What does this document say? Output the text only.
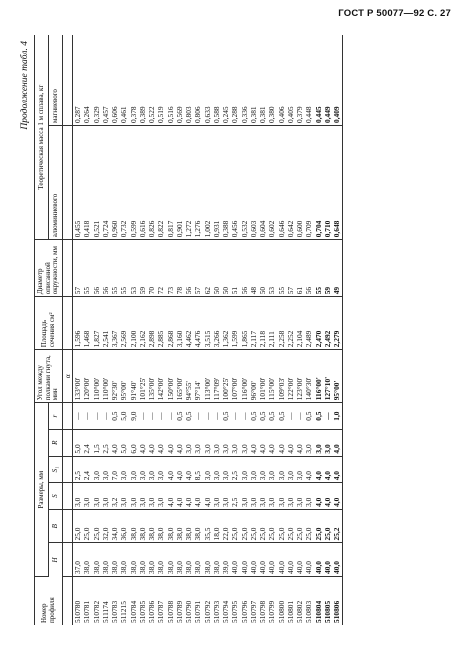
ГОСТ Р 50077—92 С. 27
Продолжение табл. 4
Номер профиля	Размеры, мм						Угол между полками гнута, мин	Площадь сечения см²	Диаметр описанной окружности, мм	Теоретическая масса 1 м сплава, кг	
	H	B	S	S₁	R	r				алюминиевого	магниевого
							α				
510780	37,0	25,0	3,0	2,5	5,0	—	133°00'	1,596	57	0,455	0,287
510781	38,0	25,0	3,0	2,4	2,4	—	120°00'	1,468	55	0,418	0,264
510782	38,0	25,0	3,0	3,0	1,5	—	110°00'	1,827	56	0,521	0,329
511174	38,0	32,0	3,0	3,0	2,5	—	110°00'	2,541	56	0,724	0,457
510783	38,0	34,0	3,2	7,0	4,0	0,5	92°30'	3,367	55	0,960	0,606
511215	38,0	36,0	3,0	3,0	5,0	5,0	95°00'	2,569	55	0,732	0,461
510784	38,0	38,0	3,0	3,0	6,0	9,0	91°40'	2,100	53	0,599	0,378
510785	38,0	38,0	3,0	3,0	4,0	—	101°25'	2,162	59	0,616	0,389
510786	38,0	38,0	3,0	3,0	4,0	—	135°00'	2,898	70	0,826	0,522
510787	38,0	38,0	3,0	3,0	4,0	—	142°00'	2,885	72	0,822	0,519
510788	38,0	38,0	4,0	4,0	4,0	—	150°00'	2,868	73	0,817	0,516
510789	38,0	38,0	4,0	4,0	4,0	0,5	165°00'	3,160	78	0,901	0,569
510790	38,0	38,0	4,0	4,0	3,0	0,5	94°55'	4,462	56	1,272	0,803
510791	38,0	38,0	4,0	8,5	3,0	—	97°14'	4,476	57	1,276	0,806
510792	38,0	35,5	4,0	3,0	3,0	—	113°00'	3,515	62	1,002	0,633
510793	38,0	18,0	3,0	3,0	3,0	—	117°09'	3,266	50	0,931	0,588
510794	39,0	22,0	3,0	3,0	3,0	0,5	100°25'	1,362	50	0,388	0,245
510795	40,0	25,0	2,5	2,5	3,0	—	107°00'	1,599	51	0,456	0,288
510796	40,0	25,0	3,0	3,0	3,0	—	116°00'	1,865	56	0,532	0,336
510797	40,0	25,0	3,0	3,0	4,0	0,5	96°00'	2,117	48	0,603	0,381
510798	40,0	25,0	3,0	3,0	4,0	0,5	101°00'	2,118	50	0,604	0,381
510799	40,0	25,0	3,0	3,0	4,0	0,5	115°00'	2,111	53	0,602	0,380
510800	40,0	25,0	3,0	3,0	4,0	0,5	109°03'	2,258	55	0,646	0,406
510801	40,0	25,0	3,0	3,0	4,0	—	122°00'	2,252	57	0,642	0,405
510802	40,0	25,0	3,0	3,0	4,0	—	123°00'	2,104	61	0,600	0,379
510803	40,0	25,0	3,0	4,0	3,0	0,5	140°30'	2,489	56	0,709	0,448
510804	40,0	25,0	4,0	4,0	3,0	0,5	116°00'	2,470	55	0,704	0,445
510805	40,0	25,0	4,0	4,0	3,0	—	127°10'	2,492	59	0,710	0,449
510806	40,0	25,2	4,0	4,0	4,0	1,0	95°00'	2,279	49	0,648	0,409
